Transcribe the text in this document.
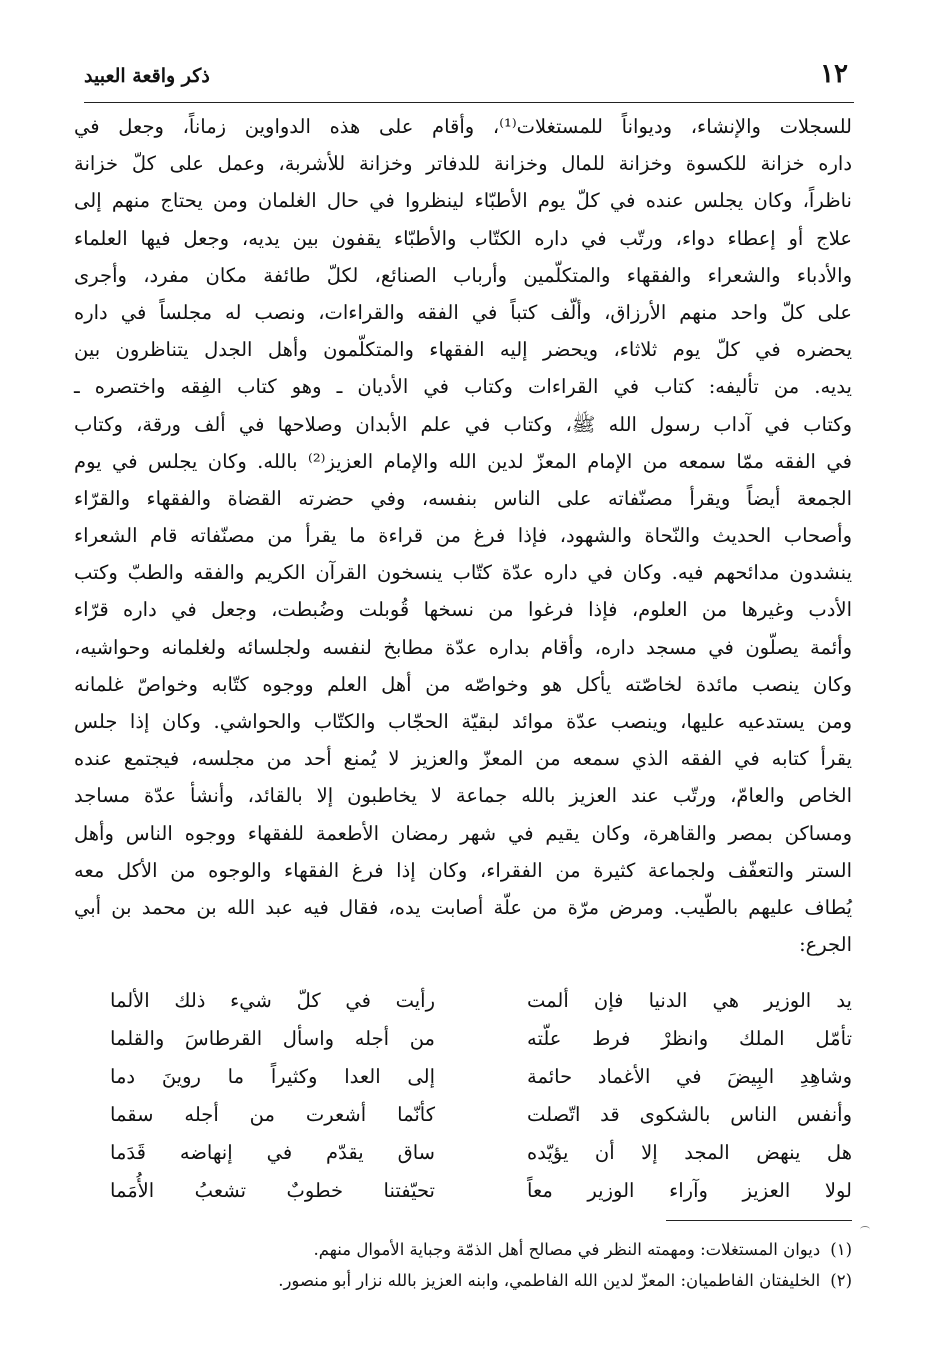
١٢
ذكر واقعة العبيد
للسجلات والإنشاء، وديواناً للمستغلات⁽¹⁾، وأقام على هذه الدواوين زماناً، وجعل في
داره خزانة للكسوة وخزانة للمال وخزانة للدفاتر وخزانة للأشربة، وعمل على كلّ خزانة
ناظراً، وكان يجلس عنده في كلّ يوم الأطبّاء لينظروا في حال الغلمان ومن يحتاج منهم إلى
علاج أو إعطاء دواء، ورتّب في داره الكتّاب والأطبّاء يقفون بين يديه، وجعل فيها العلماء
والأدباء والشعراء والفقهاء والمتكلّمين وأرباب الصنائع، لكلّ طائفة مكان مفرد، وأجرى
على كلّ واحد منهم الأرزاق، وألّف كتباً في الفقه والقراءات، ونصب له مجلساً في داره
يحضره في كلّ يوم ثلاثاء، ويحضر إليه الفقهاء والمتكلّمون وأهل الجدل يتناظرون بين
يديه. من تأليفه: كتاب في القراءات وكتاب في الأديان ـ وهو كتاب الفِقه واختصره ـ
وكتاب في آداب رسول الله ﷺ، وكتاب في علم الأبدان وصلاحها في ألف ورقة، وكتاب
في الفقه ممّا سمعه من الإمام المعزّ لدين الله والإمام العزيز⁽²⁾ بالله. وكان يجلس في يوم
الجمعة أيضاً ويقرأ مصنّفاته على الناس بنفسه، وفي حضرته القضاة والفقهاء والقرّاء
وأصحاب الحديث والنّحاة والشهود، فإذا فرغ من قراءة ما يقرأ من مصنّفاته قام الشعراء
ينشدون مدائحهم فيه. وكان في داره عدّة كتّاب ينسخون القرآن الكريم والفقه والطبّ وكتب
الأدب وغيرها من العلوم، فإذا فرغوا من نسخها قُوبلت وضُبطت، وجعل في داره قرّاء
وأئمة يصلّون في مسجد داره، وأقام بداره عدّة مطابخ لنفسه ولجلسائه ولغلمانه وحواشيه،
وكان ينصب مائدة لخاصّته يأكل هو وخواصّه من أهل العلم ووجوه كتّابه وخواصّ غلمانه
ومن يستدعيه عليها، وينصب عدّة موائد لبقيّة الحجّاب والكتّاب والحواشي. وكان إذا جلس
يقرأ كتابه في الفقه الذي سمعه من المعزّ والعزيز لا يُمنع أحد من مجلسه، فيجتمع عنده
الخاص والعامّ، ورتّب عند العزيز بالله جماعة لا يخاطبون إلا بالقائد، وأنشأ عدّة مساجد
ومساكن بمصر والقاهرة، وكان يقيم في شهر رمضان الأطعمة للفقهاء ووجوه الناس وأهل
الستر والتعفّف ولجماعة كثيرة من الفقراء، وكان إذا فرغ الفقهاء والوجوه من الأكل معه
يُطاف عليهم بالطّيب. ومرض مرّة من علّة أصابت يده، فقال فيه عبد الله بن محمد بن أبي
الجرع:
يد الوزير هي الدنيا فإن ألمت
رأيت في كلّ شيء ذلك الألما
تأمّل الملك وانظرْ فرط علّته
من أجله واسأل القرطاسَ والقلما
وشاهِدِ البِيضَ في الأغماد حائمة
إلى العدا وكثيراً ما روينَ دما
وأنفس الناس بالشكوى قد اتّصلت
كأنّما أشعرت من أجله سقما
هل ينهض المجد إلا أن يؤيّده
ساق يقدّم في إنهاضه قَدَما
لولا العزيز وآراء الوزير معاً
تحيّفتنا خطوبٌ تشعبُ الأُمَما
(١)ديوان المستغلات: ومهمته النظر في مصالح أهل الذمّة وجباية الأموال منهم.
(٢)الخليفتان الفاطميان: المعزّ لدين الله الفاطمي، وابنه العزيز بالله نزار أبو منصور.
